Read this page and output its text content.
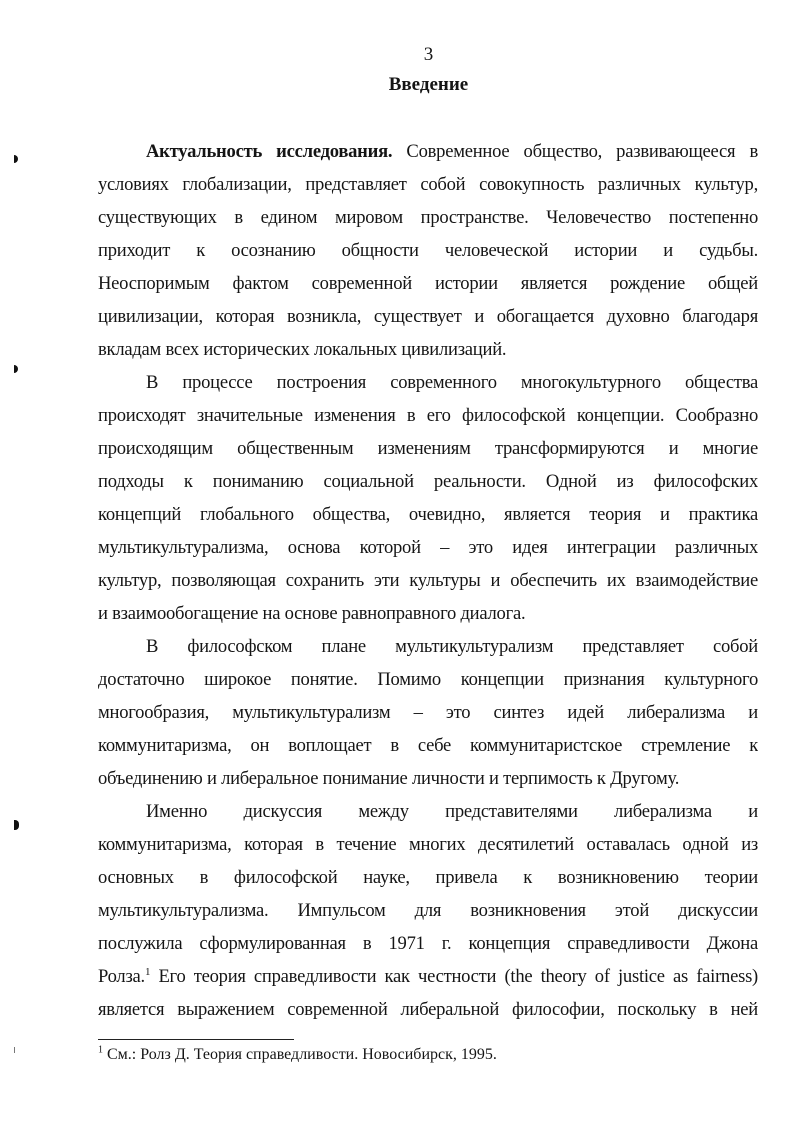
3
Введение
Актуальность исследования. Современное общество, развивающееся в
условиях глобализации, представляет собой совокупность различных культур,
существующих в едином мировом пространстве. Человечество постепенно
приходит к осознанию общности человеческой истории и судьбы.
Неоспоримым фактом современной истории является рождение общей
цивилизации, которая возникла, существует и обогащается духовно благодаря
вкладам всех исторических локальных цивилизаций.
В процессе построения современного многокультурного общества
происходят значительные изменения в его философской концепции. Сообразно
происходящим общественным изменениям трансформируются и многие
подходы к пониманию социальной реальности. Одной из философских
концепций глобального общества, очевидно, является теория и практика
мультикультурализма, основа которой – это идея интеграции различных
культур, позволяющая сохранить эти культуры и обеспечить их взаимодействие
и взаимообогащение на основе равноправного диалога.
В философском плане мультикультурализм представляет собой
достаточно широкое понятие. Помимо концепции признания культурного
многообразия, мультикультурализм – это синтез идей либерализма и
коммунитаризма, он воплощает в себе коммунитаристское стремление к
объединению и либеральное понимание личности и терпимость к Другому.
Именно дискуссия между представителями либерализма и
коммунитаризма, которая в течение многих десятилетий оставалась одной из
основных в философской науке, привела к возникновению теории
мультикультурализма. Импульсом для возникновения этой дискуссии
послужила сформулированная в 1971 г. концепция справедливости Джона
Ролза.$^1$ Его теория справедливости как честности (the theory of justice as fairness)
является выражением современной либеральной философии, поскольку в ней
$^1$ См.: Ролз Д. Теория справедливости. Новосибирск, 1995.
